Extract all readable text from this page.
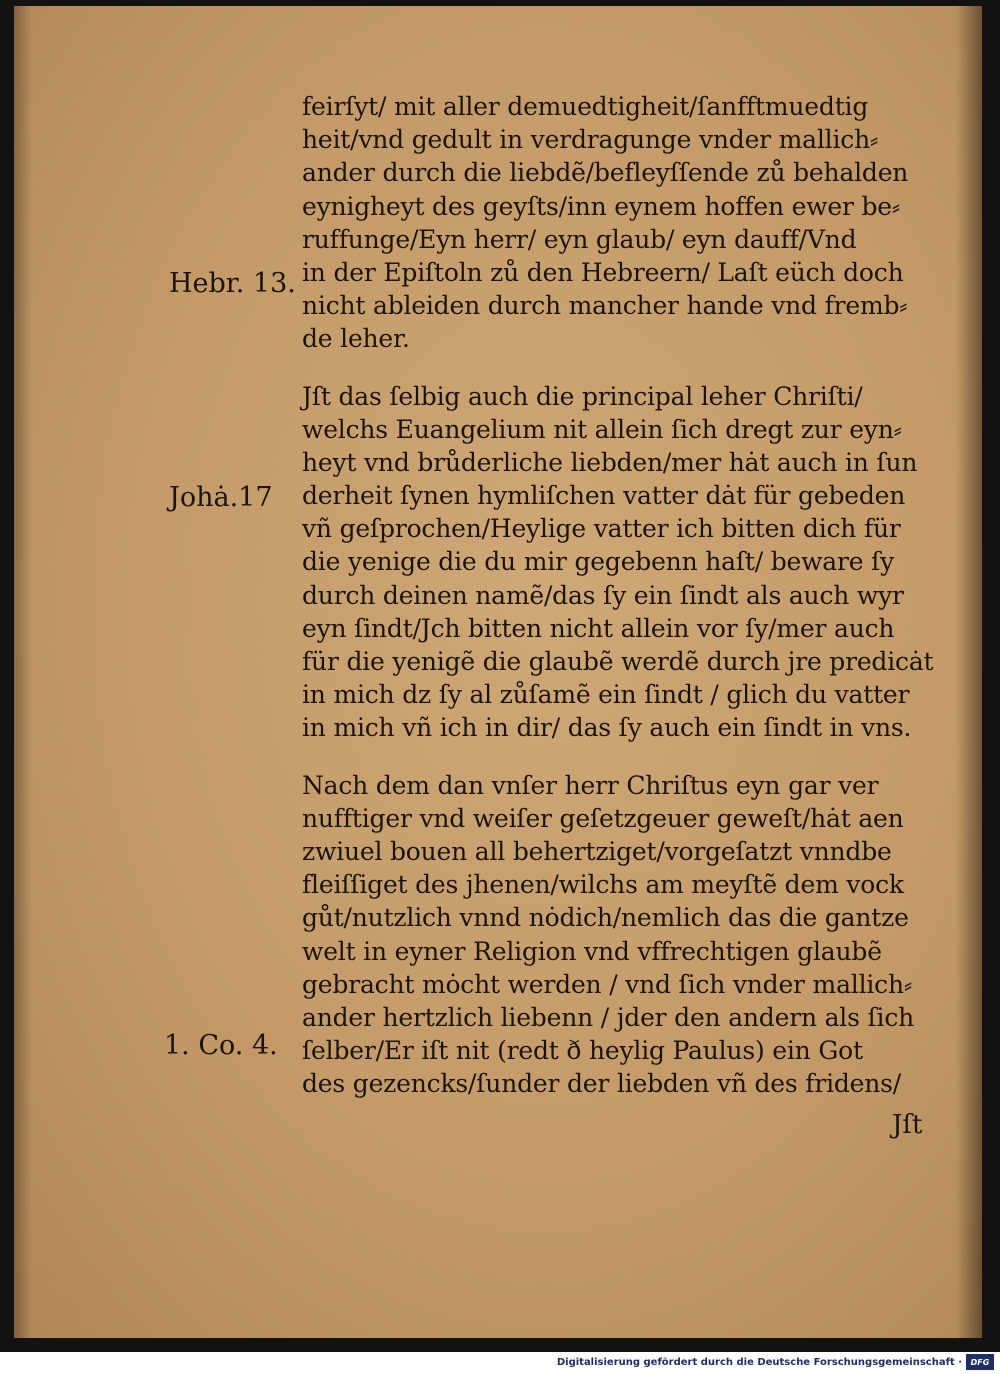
feirſyt/ mit aller demuedtigheit/ſanfftmuedtig
heit/vnd gedult in verdragunge vnder mallich⸗
ander durch die liebdẽ/befleyſſende zů behalden
eynigheyt des geyſts/inn eynem hoffen ewer be⸗
ruffunge/Eyn herr/ eyn glaub/ eyn dauff/Vnd
in der Epiſtoln zů den Hebreern/ Laſt eüch doch
nicht ableiden durch mancher hande vnd fremb⸗
de leher.
Jſt das ſelbig auch die principal leher Chriſti/
welchs Euangelium nit allein ſich dregt zur eyn⸗
heyt vnd brůderliche liebden/mer hȧt auch in ſun
derheit ſynen hymliſchen vatter dȧt für gebeden
vñ geſprochen/Heylige vatter ich bitten dich für
die yenige die du mir gegebenn haſt/ beware ſy
durch deinen namẽ/das ſy ein ſindt als auch wyr
eyn ſindt/Jch bitten nicht allein vor ſy/mer auch
für die yenigẽ die glaubẽ werdẽ durch jre predicȧt
in mich dz ſy al zůſamẽ ein ſindt / glich du vatter
in mich vñ ich in dir/ das ſy auch ein ſindt in vns.
Nach dem dan vnſer herr Chriſtus eyn gar ver
nufftiger vnd weiſer geſetzgeuer geweſt/hȧt aen
zwiuel bouen all behertziget/vorgeſatzt vnndbe
fleiſſiget des jhenen/wilchs am meyſtẽ dem vock
gůt/nutzlich vnnd nȯdich/nemlich das die gantze
welt in eyner Religion vnd vffrechtigen glaubẽ
gebracht mȯcht werden / vnd ſich vnder mallich⸗
ander hertzlich liebenn / jder den andern als ſich
ſelber/Er iſt nit (redt ð heylig Paulus) ein Got
des gezencks/ſunder der liebden vñ des fridens/
Hebr. 13.
Johȧ.17
1. Co. 4.
Jſt
Digitalisierung gefördert durch die Deutsche Forschungsgemeinschaft ·	DFG
